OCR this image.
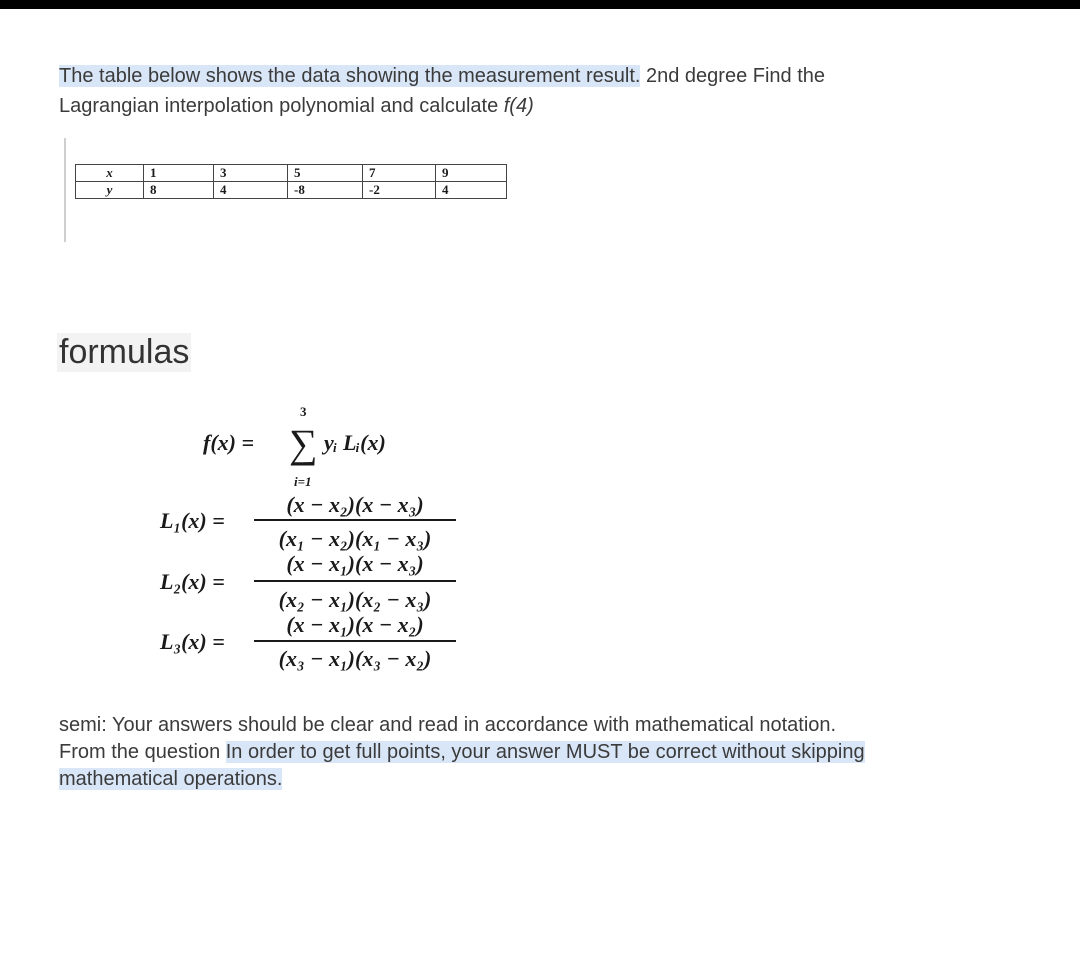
The table below shows the data showing the measurement result. 2nd degree Find the
Lagrangian interpolation polynomial and calculate f(4)
x	1	3	5	7	9
y	8	4	-8	-2	4
formulas
f(x) =
3
∑
i=1
yᵢ Lᵢ(x)
(x − x₂)(x − x₃)
L₁(x) =
(x₁ − x₂)(x₁ − x₃)
(x − x₁)(x − x₃)
L₂(x) =
(x₂ − x₁)(x₂ − x₃)
(x − x₁)(x − x₂)
L₃(x) =
(x₃ − x₁)(x₃ − x₂)
semi: Your answers should be clear and read in accordance with mathematical notation.
From the question In order to get full points, your answer MUST be correct without skipping
mathematical operations.
